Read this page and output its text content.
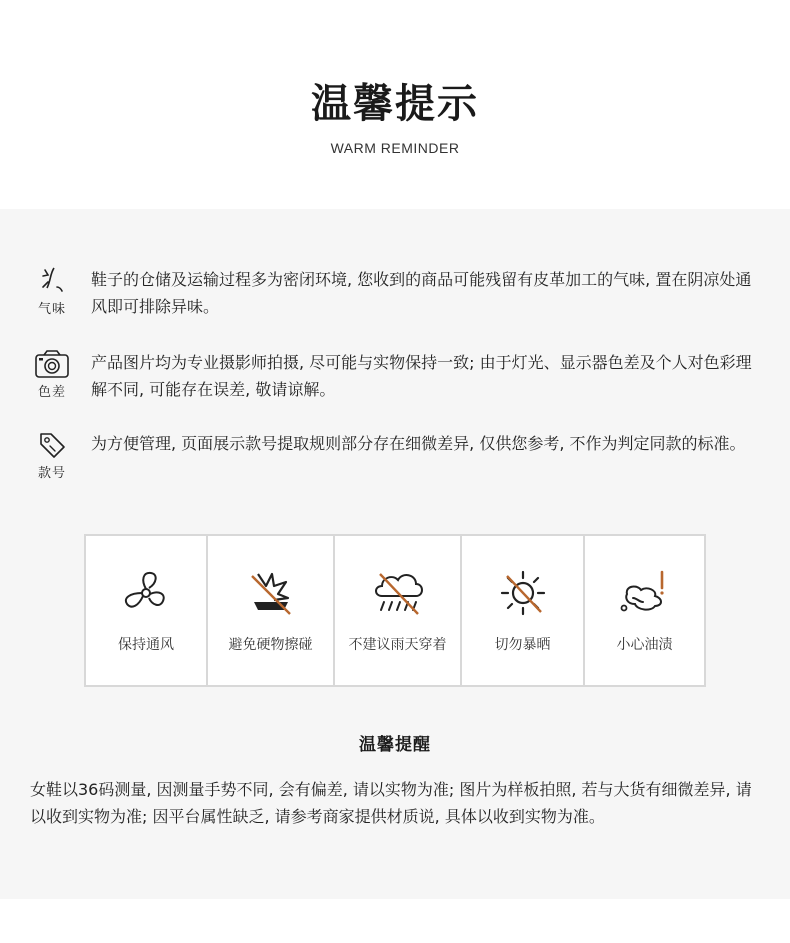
温馨提示
WARM REMINDER
气味
鞋子的仓储及运输过程多为密闭环境, 您收到的商品可能残留有皮革加工的气味, 置在阴凉处通风即可排除异味。
色差
产品图片均为专业摄影师拍摄, 尽可能与实物保持一致; 由于灯光、显示器色差及个人对色彩理解不同, 可能存在误差, 敬请谅解。
款号
为方便管理, 页面展示款号提取规则部分存在细微差异, 仅供您参考, 不作为判定同款的标准。
保持通风	避免硬物擦碰	不建议雨天穿着	切勿暴晒	小心油渍
温馨提醒
女鞋以36码测量, 因测量手势不同, 会有偏差, 请以实物为准; 图片为样板拍照, 若与大货有细微差异, 请以收到实物为准; 因平台属性缺乏, 请参考商家提供材质说, 具体以收到实物为准。
